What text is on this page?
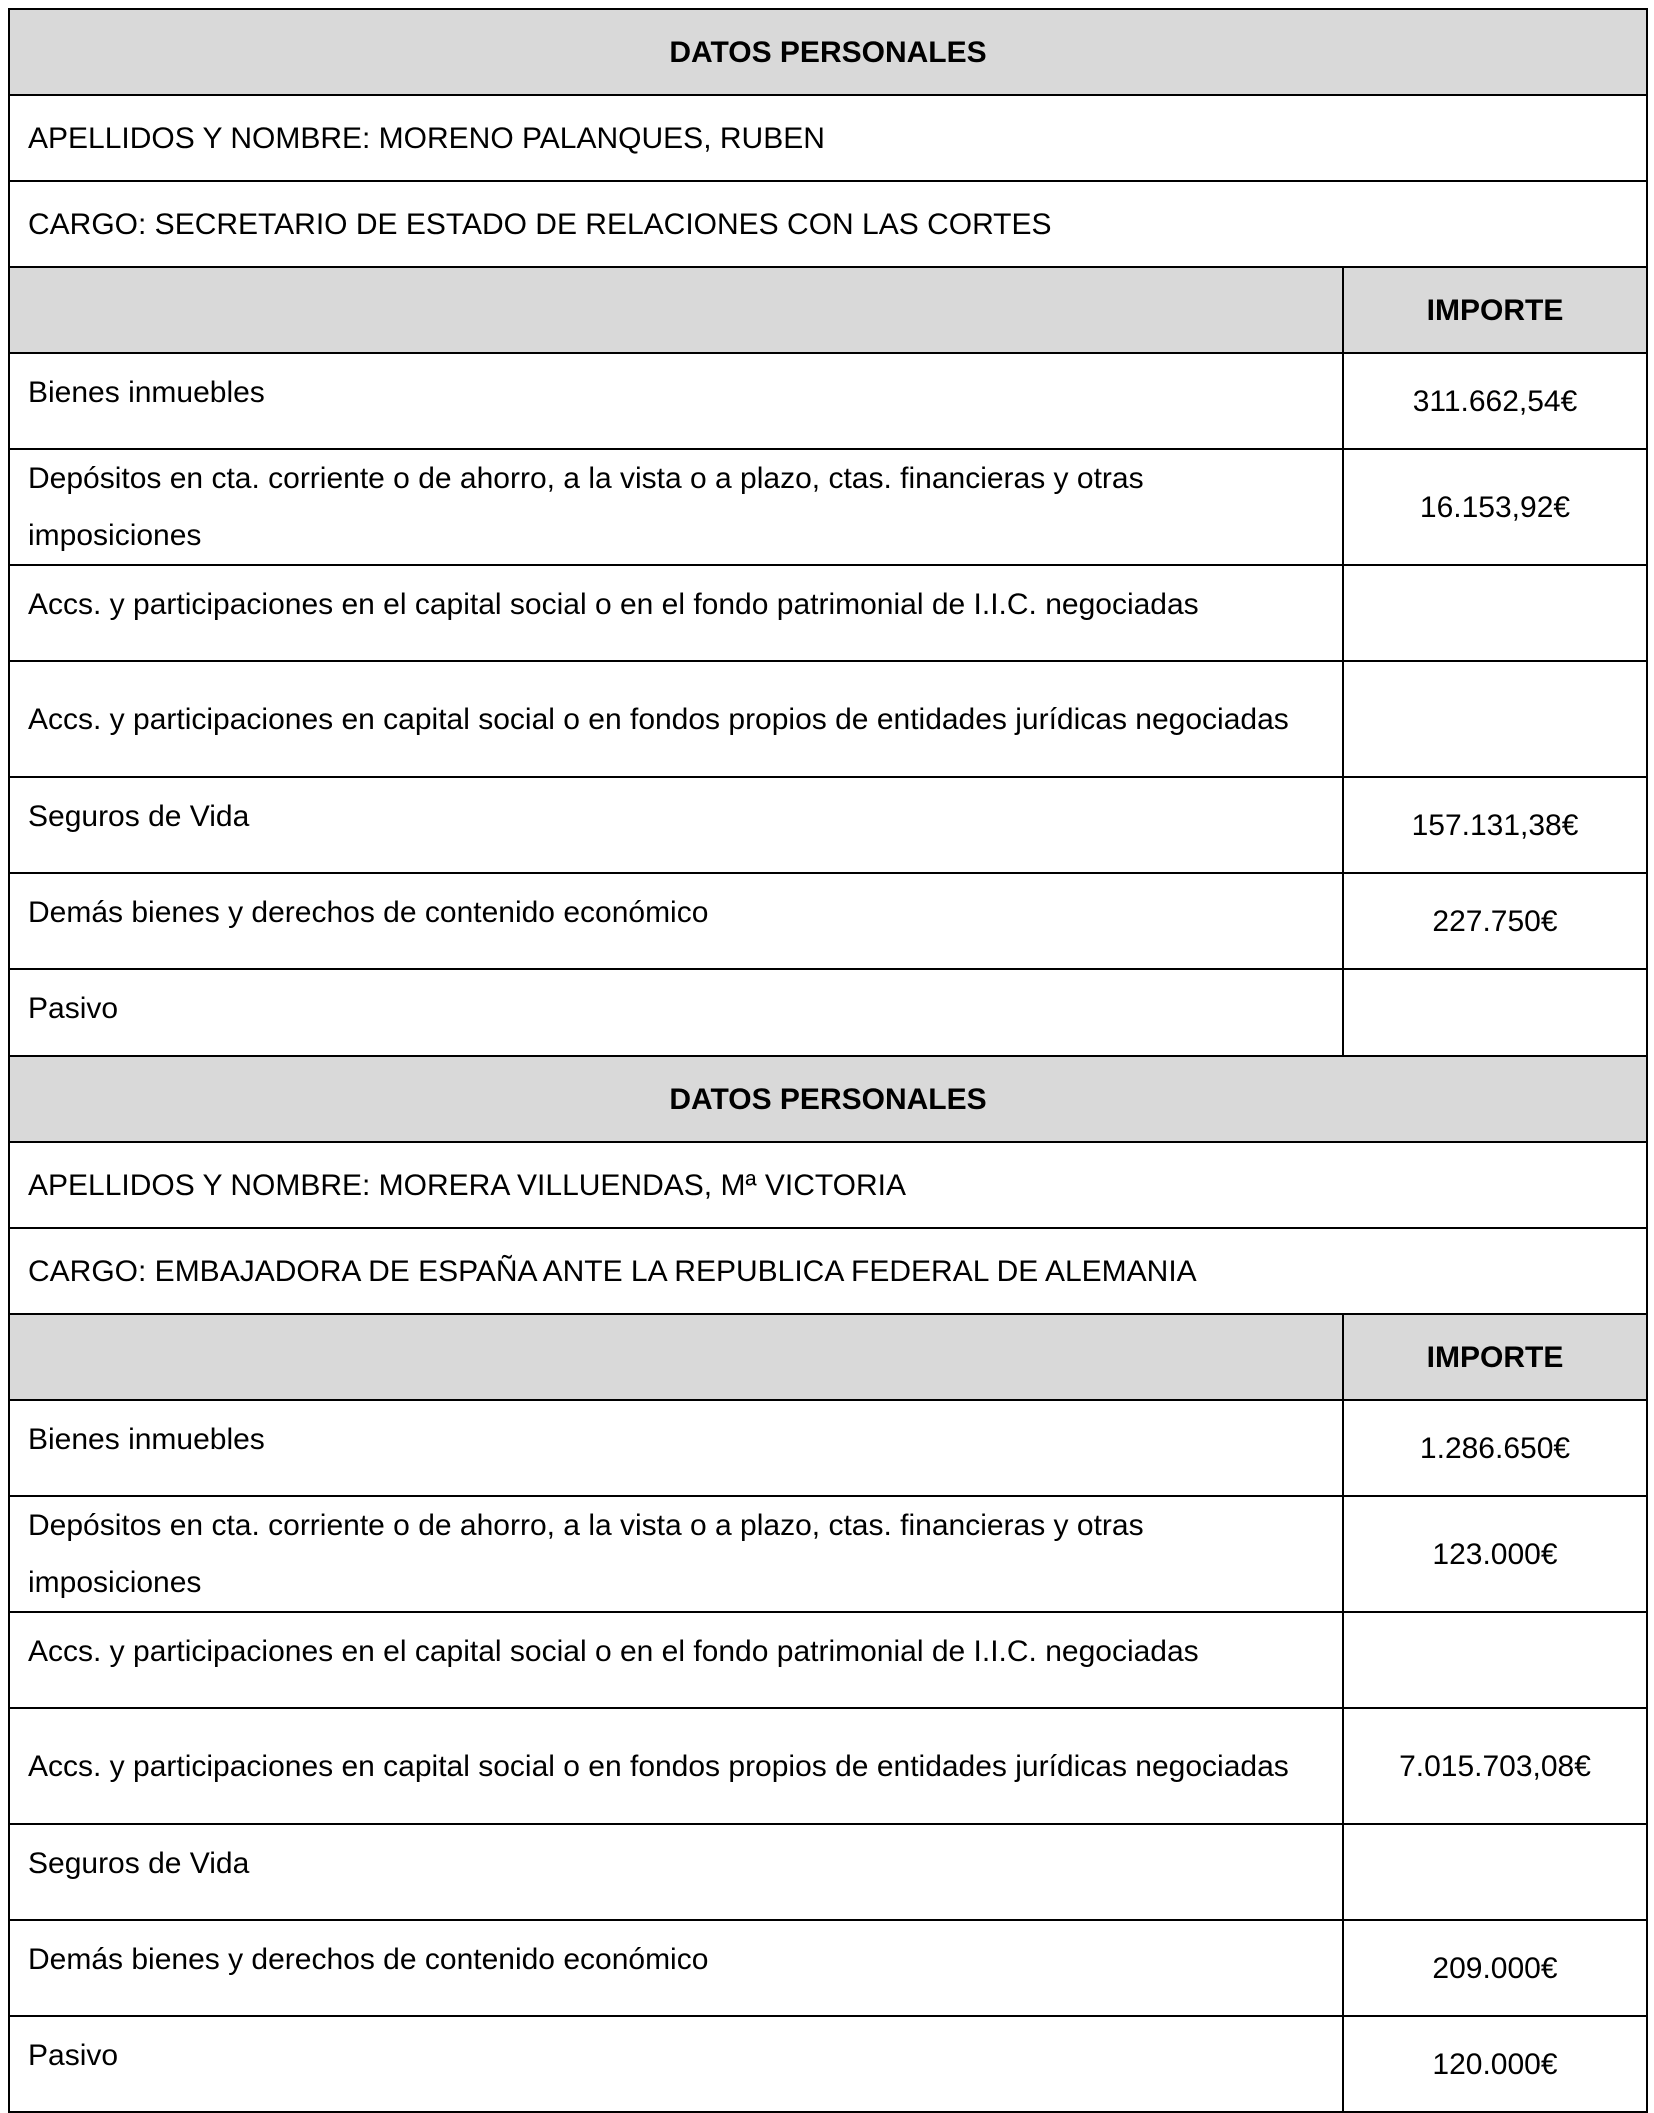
DATOS PERSONALES	
APELLIDOS Y NOMBRE: MORENO PALANQUES, RUBEN	
CARGO: SECRETARIO DE ESTADO DE RELACIONES CON LAS CORTES	
	IMPORTE
Bienes inmuebles	311.662,54€
Depósitos en cta. corriente o de ahorro, a la vista o a plazo, ctas. financieras y otras imposiciones	16.153,92€
Accs. y participaciones en el capital social o en el fondo patrimonial de I.I.C. negociadas	
Accs. y participaciones en capital social o en fondos propios de entidades jurídicas negociadas	
Seguros de Vida	157.131,38€
Demás bienes y derechos de contenido económico	227.750€
Pasivo	
DATOS PERSONALES	
APELLIDOS Y NOMBRE: MORERA VILLUENDAS, Mª VICTORIA	
CARGO: EMBAJADORA DE ESPAÑA ANTE LA REPUBLICA FEDERAL DE ALEMANIA	
	IMPORTE
Bienes inmuebles	1.286.650€
Depósitos en cta. corriente o de ahorro, a la vista o a plazo, ctas. financieras y otras imposiciones	123.000€
Accs. y participaciones en el capital social o en el fondo patrimonial de I.I.C. negociadas	
Accs. y participaciones en capital social o en fondos propios de entidades jurídicas negociadas	7.015.703,08€
Seguros de Vida	
Demás bienes y derechos de contenido económico	209.000€
Pasivo	120.000€
